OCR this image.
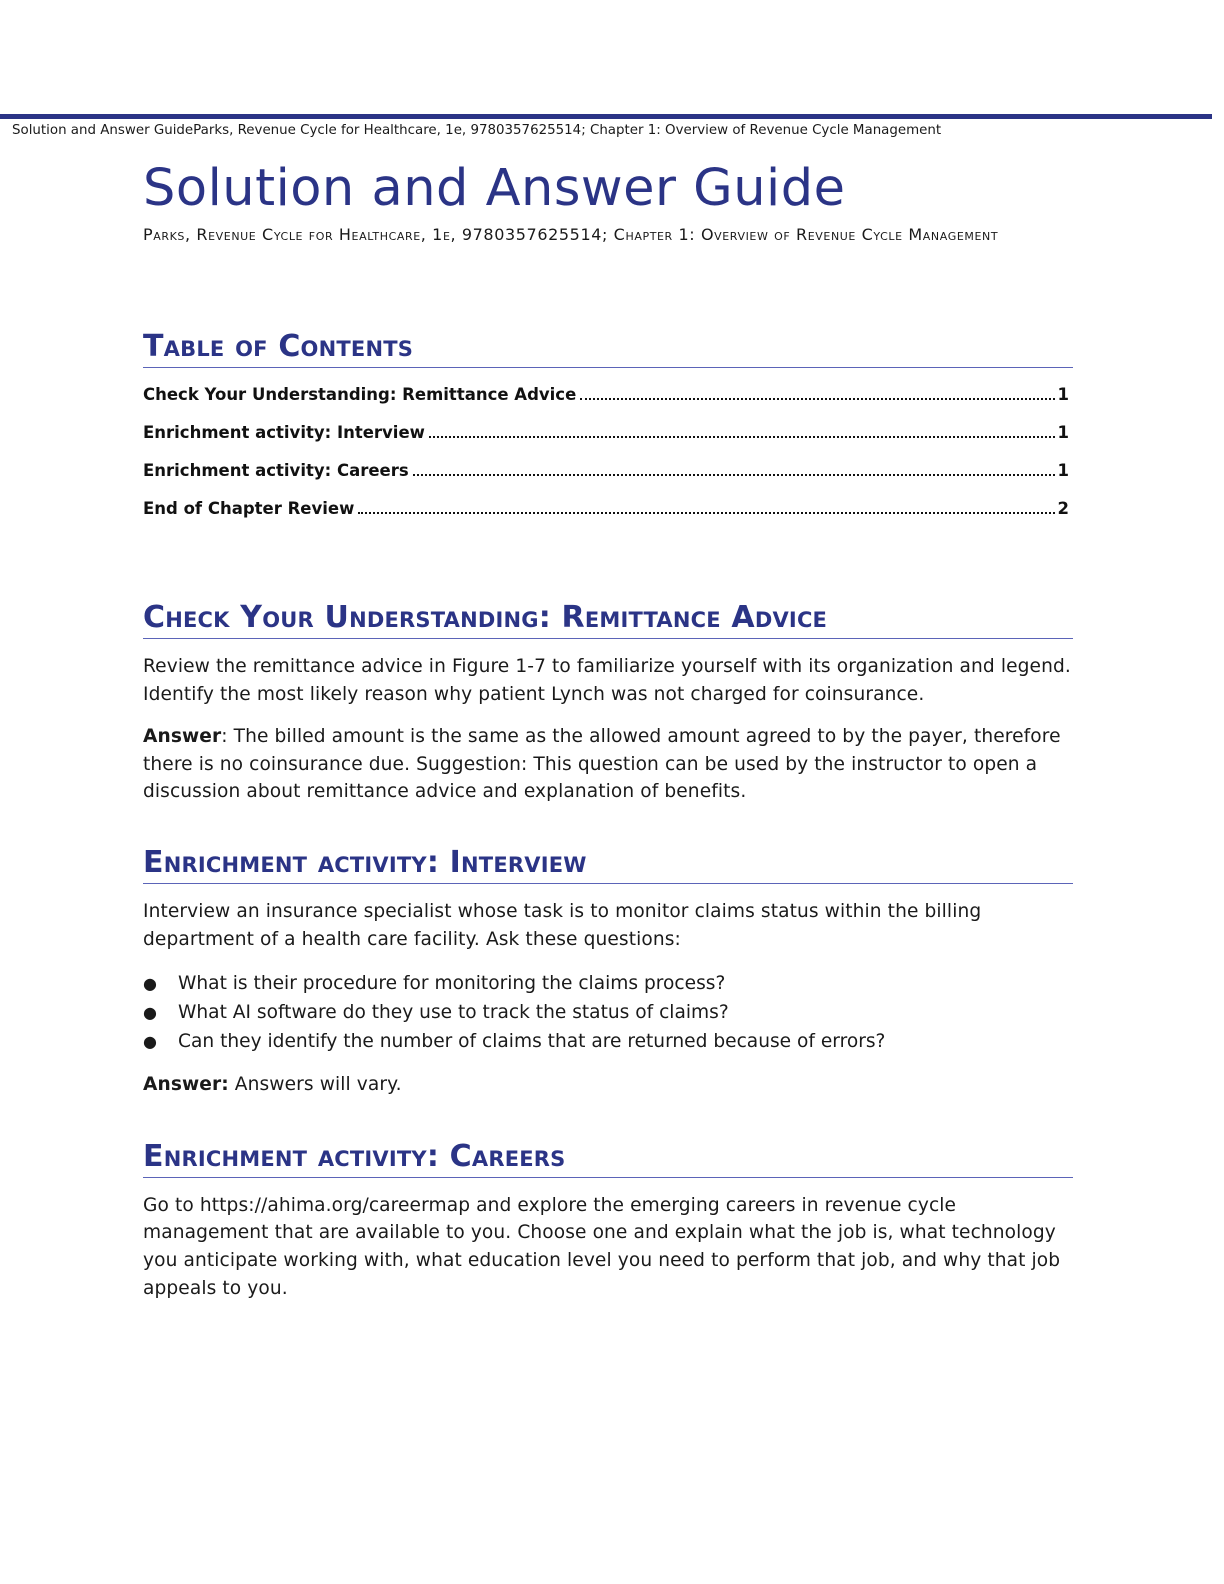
Solution and Answer GuideParks, Revenue Cycle for Healthcare, 1e, 9780357625514; Chapter 1: Overview of Revenue Cycle Management
Solution and Answer Guide
Parks, Revenue Cycle for Healthcare, 1e, 9780357625514; Chapter 1: Overview of Revenue Cycle Management
Table of Contents
Check Your Understanding: Remittance Advice	1
Enrichment activity: Interview	1
Enrichment activity: Careers	1
End of Chapter Review	2
Check Your Understanding: Remittance Advice

Review the remittance advice in Figure 1-7 to familiarize yourself with its organization and legend. Identify the most likely reason why patient Lynch was not charged for coinsurance.

Answer: The billed amount is the same as the allowed amount agreed to by the payer, therefore there is no coinsurance due. Suggestion: This question can be used by the instructor to open a discussion about remittance advice and explanation of benefits.

Enrichment activity: Interview

Interview an insurance specialist whose task is to monitor claims status within the billing department of a health care facility. Ask these questions:

● What is their procedure for monitoring the claims process?
● What AI software do they use to track the status of claims?
● Can they identify the number of claims that are returned because of errors?

Answer: Answers will vary.

Enrichment activity: Careers

Go to https://ahima.org/careermap and explore the emerging careers in revenue cycle management that are available to you. Choose one and explain what the job is, what technology you anticipate working with, what education level you need to perform that job, and why that job appeals to you.
